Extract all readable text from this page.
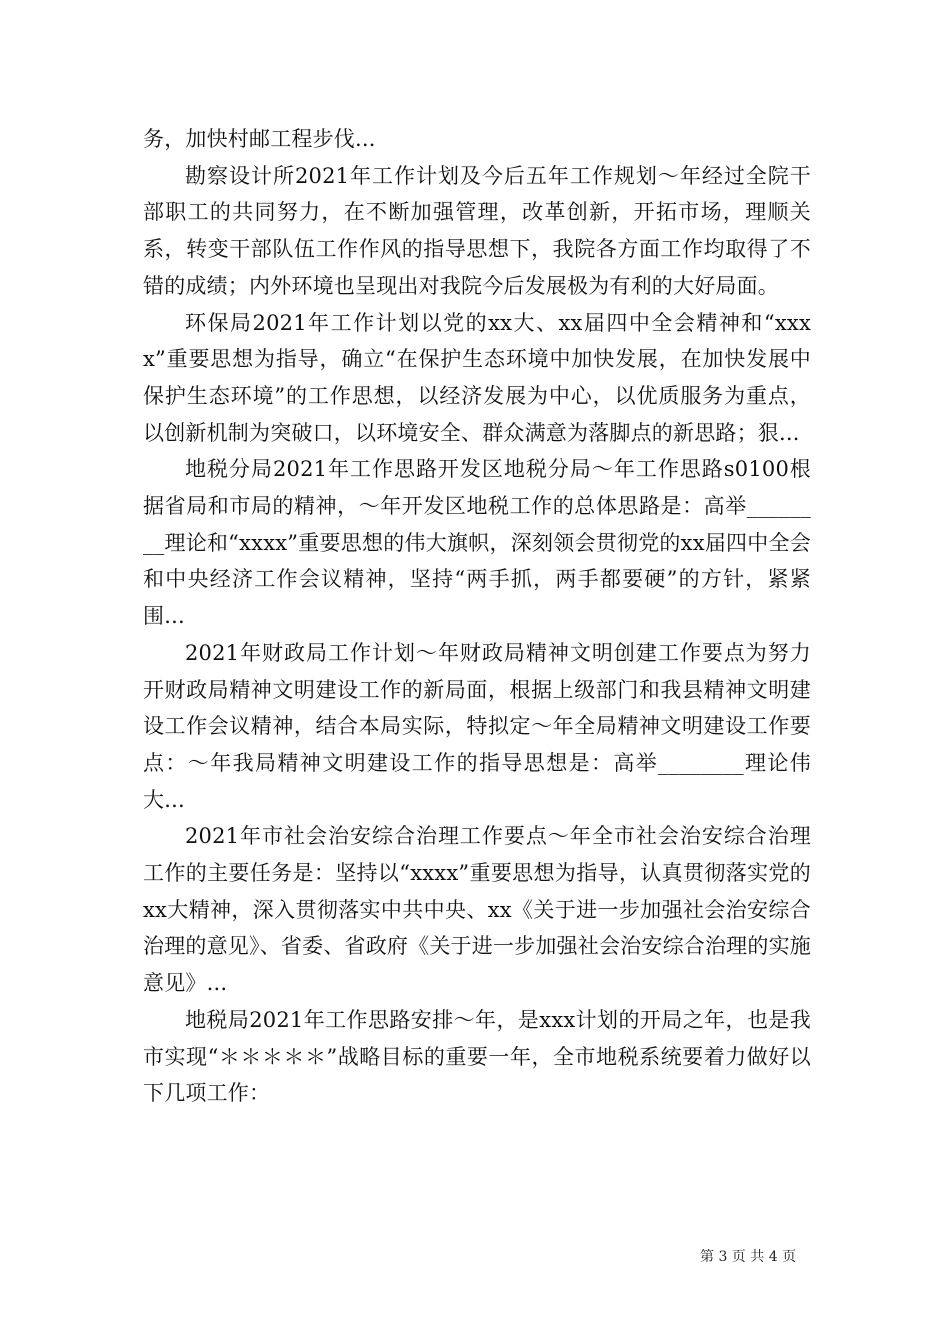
务，加快村邮工程步伐...

勘察设计所2021年工作计划及今后五年工作规划～年经过全院干部职工的共同努力，在不断加强管理，改革创新，开拓市场，理顺关系，转变干部队伍工作作风的指导思想下，我院各方面工作均取得了不错的成绩；内外环境也呈现出对我院今后发展极为有利的大好局面。

环保局2021年工作计划以党的xx大、xx届四中全会精神和“xxxx”重要思想为指导，确立“在保护生态环境中加快发展，在加快发展中保护生态环境”的工作思想，以经济发展为中心，以优质服务为重点，以创新机制为突破口，以环境安全、群众满意为落脚点的新思路；狠...

地税分局2021年工作思路开发区地税分局～年工作思路s0100根据省局和市局的精神，～年开发区地税工作的总体思路是：高举________理论和“xxxx”重要思想的伟大旗帜，深刻领会贯彻党的xx届四中全会和中央经济工作会议精神，坚持“两手抓，两手都要硬”的方针，紧紧围...

2021年财政局工作计划～年财政局精神文明创建工作要点为努力开财政局精神文明建设工作的新局面，根据上级部门和我县精神文明建设工作会议精神，结合本局实际，特拟定～年全局精神文明建设工作要点：～年我局精神文明建设工作的指导思想是：高举________理论伟大...

2021年市社会治安综合治理工作要点～年全市社会治安综合治理工作的主要任务是：坚持以“xxxx”重要思想为指导，认真贯彻落实党的xx大精神，深入贯彻落实中共中央、xx《关于进一步加强社会治安综合治理的意见》、省委、省政府《关于进一步加强社会治安综合治理的实施意见》...

地税局2021年工作思路安排～年，是xxx计划的开局之年，也是我市实现“＊＊＊＊＊”战略目标的重要一年，全市地税系统要着力做好以下几项工作：

第 3 页 共 4 页
